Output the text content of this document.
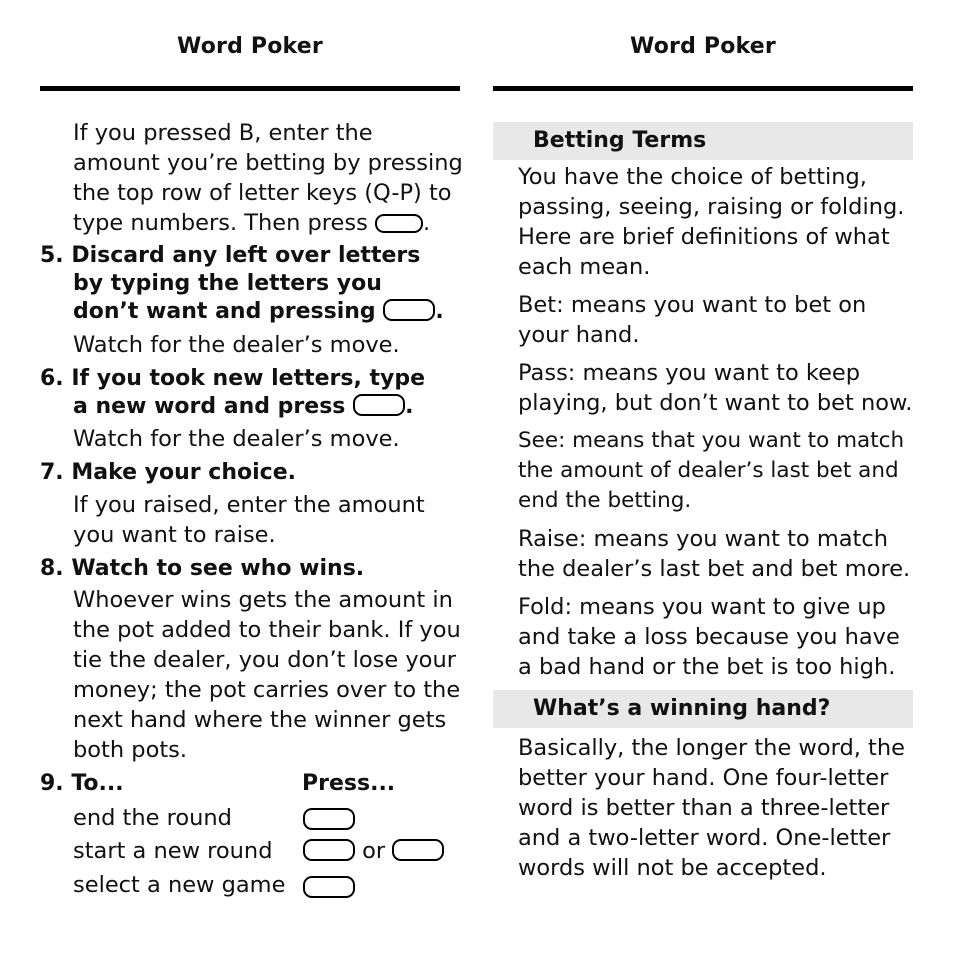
Word Poker
If you pressed B, enter the
amount you’re betting by pressing
the top row of letter keys (Q-P) to
type numbers. Then press .
5. Discard any left over letters
by typing the letters you
don’t want and pressing	.
Watch for the dealer’s move.
6. If you took new letters, type
a new word and press	.
Watch for the dealer’s move.
7. Make your choice.
If you raised, enter the amount
you want to raise.
8. Watch to see who wins.
Whoever wins gets the amount in
the pot added to their bank. If you
tie the dealer, you don’t lose your
money; the pot carries over to the
next hand where the winner gets
both pots.
9. To...	Press...
end the round
start a new round	or
select a new game
Word Poker
Betting Terms
You have the choice of betting,
passing, seeing, raising or folding.
Here are brief definitions of what
each mean.
Bet: means you want to bet on
your hand.
Pass: means you want to keep
playing, but don’t want to bet now.
See: means that you want to match
the amount of dealer’s last bet and
end the betting.
Raise: means you want to match
the dealer’s last bet and bet more.
Fold: means you want to give up
and take a loss because you have
a bad hand or the bet is too high.
What’s a winning hand?
Basically, the longer the word, the
better your hand. One four-letter
word is better than a three-letter
and a two-letter word. One-letter
words will not be accepted.
